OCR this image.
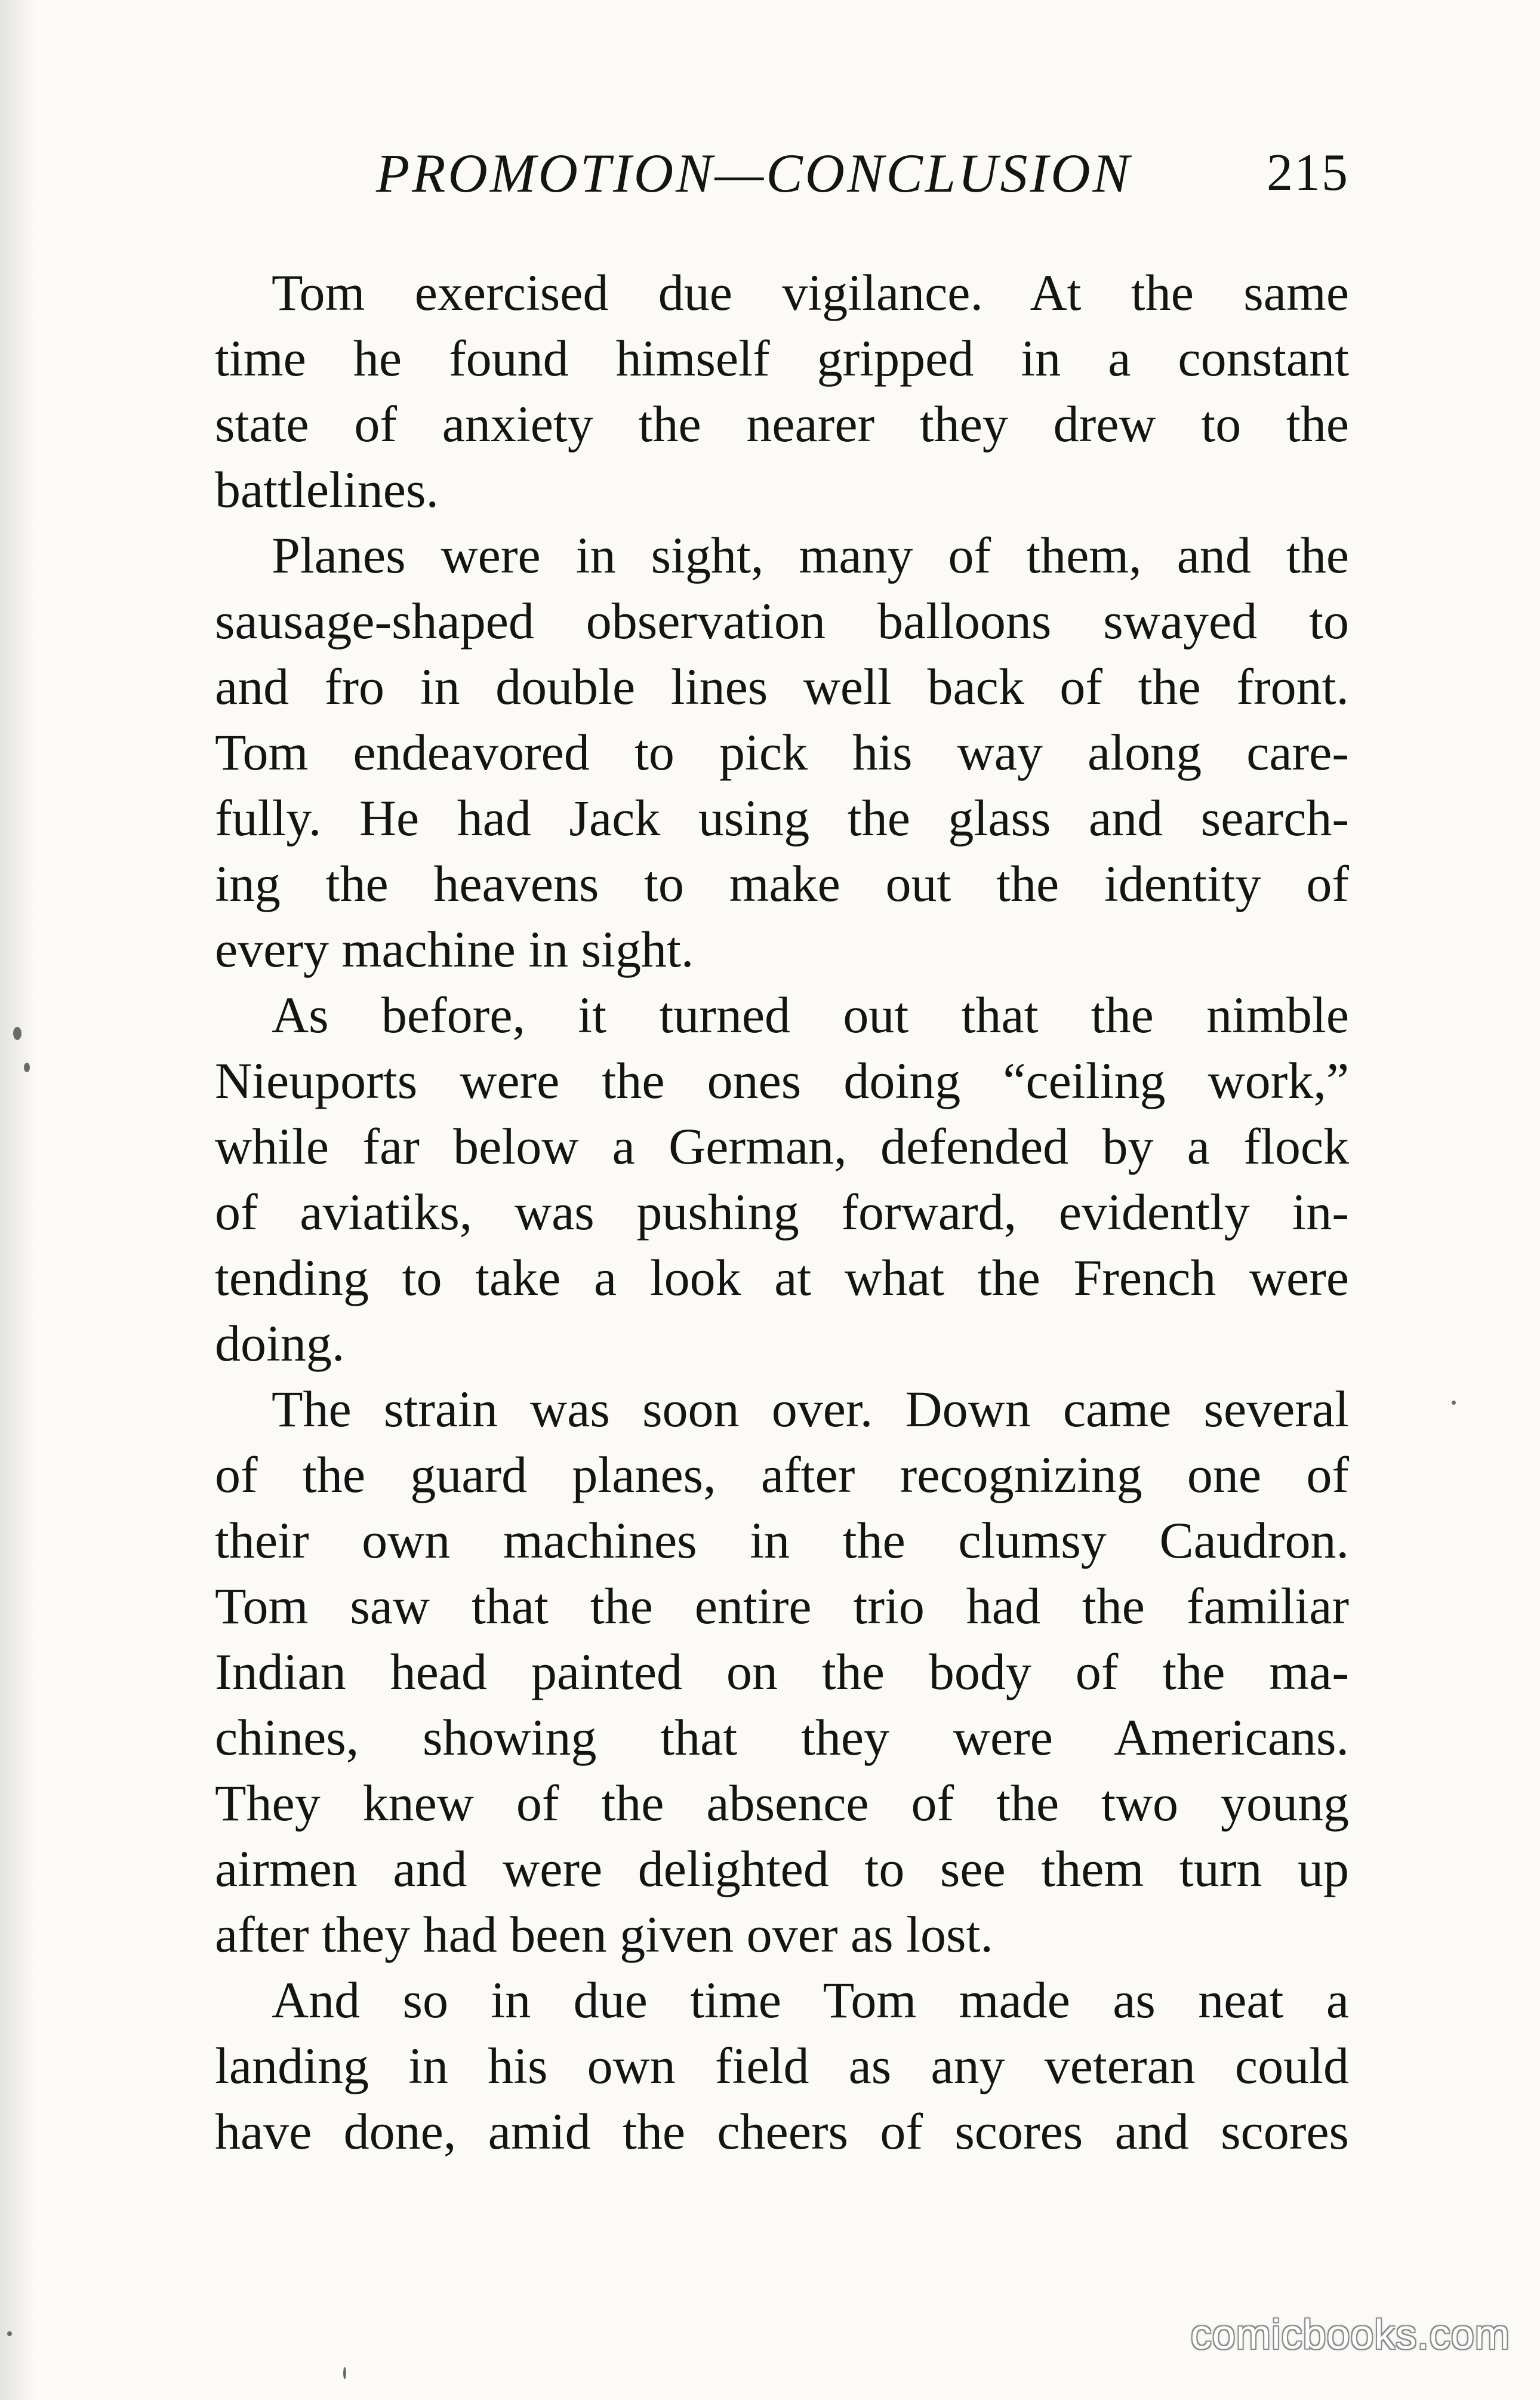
PROMOTION—CONCLUSION	215
Tom exercised due vigilance. At the same
time he found himself gripped in a constant
state of anxiety the nearer they drew to the
battlelines.
Planes were in sight, many of them, and the
sausage-shaped observation balloons swayed to
and fro in double lines well back of the front.
Tom endeavored to pick his way along care-
fully. He had Jack using the glass and search-
ing the heavens to make out the identity of
every machine in sight.
As before, it turned out that the nimble
Nieuports were the ones doing “ceiling work,”
while far below a German, defended by a flock
of aviatiks, was pushing forward, evidently in-
tending to take a look at what the French were
doing.
The strain was soon over. Down came several
of the guard planes, after recognizing one of
their own machines in the clumsy Caudron.
Tom saw that the entire trio had the familiar
Indian head painted on the body of the ma-
chines, showing that they were Americans.
They knew of the absence of the two young
airmen and were delighted to see them turn up
after they had been given over as lost.
And so in due time Tom made as neat a
landing in his own field as any veteran could
have done, amid the cheers of scores and scores
comicbooks.com
